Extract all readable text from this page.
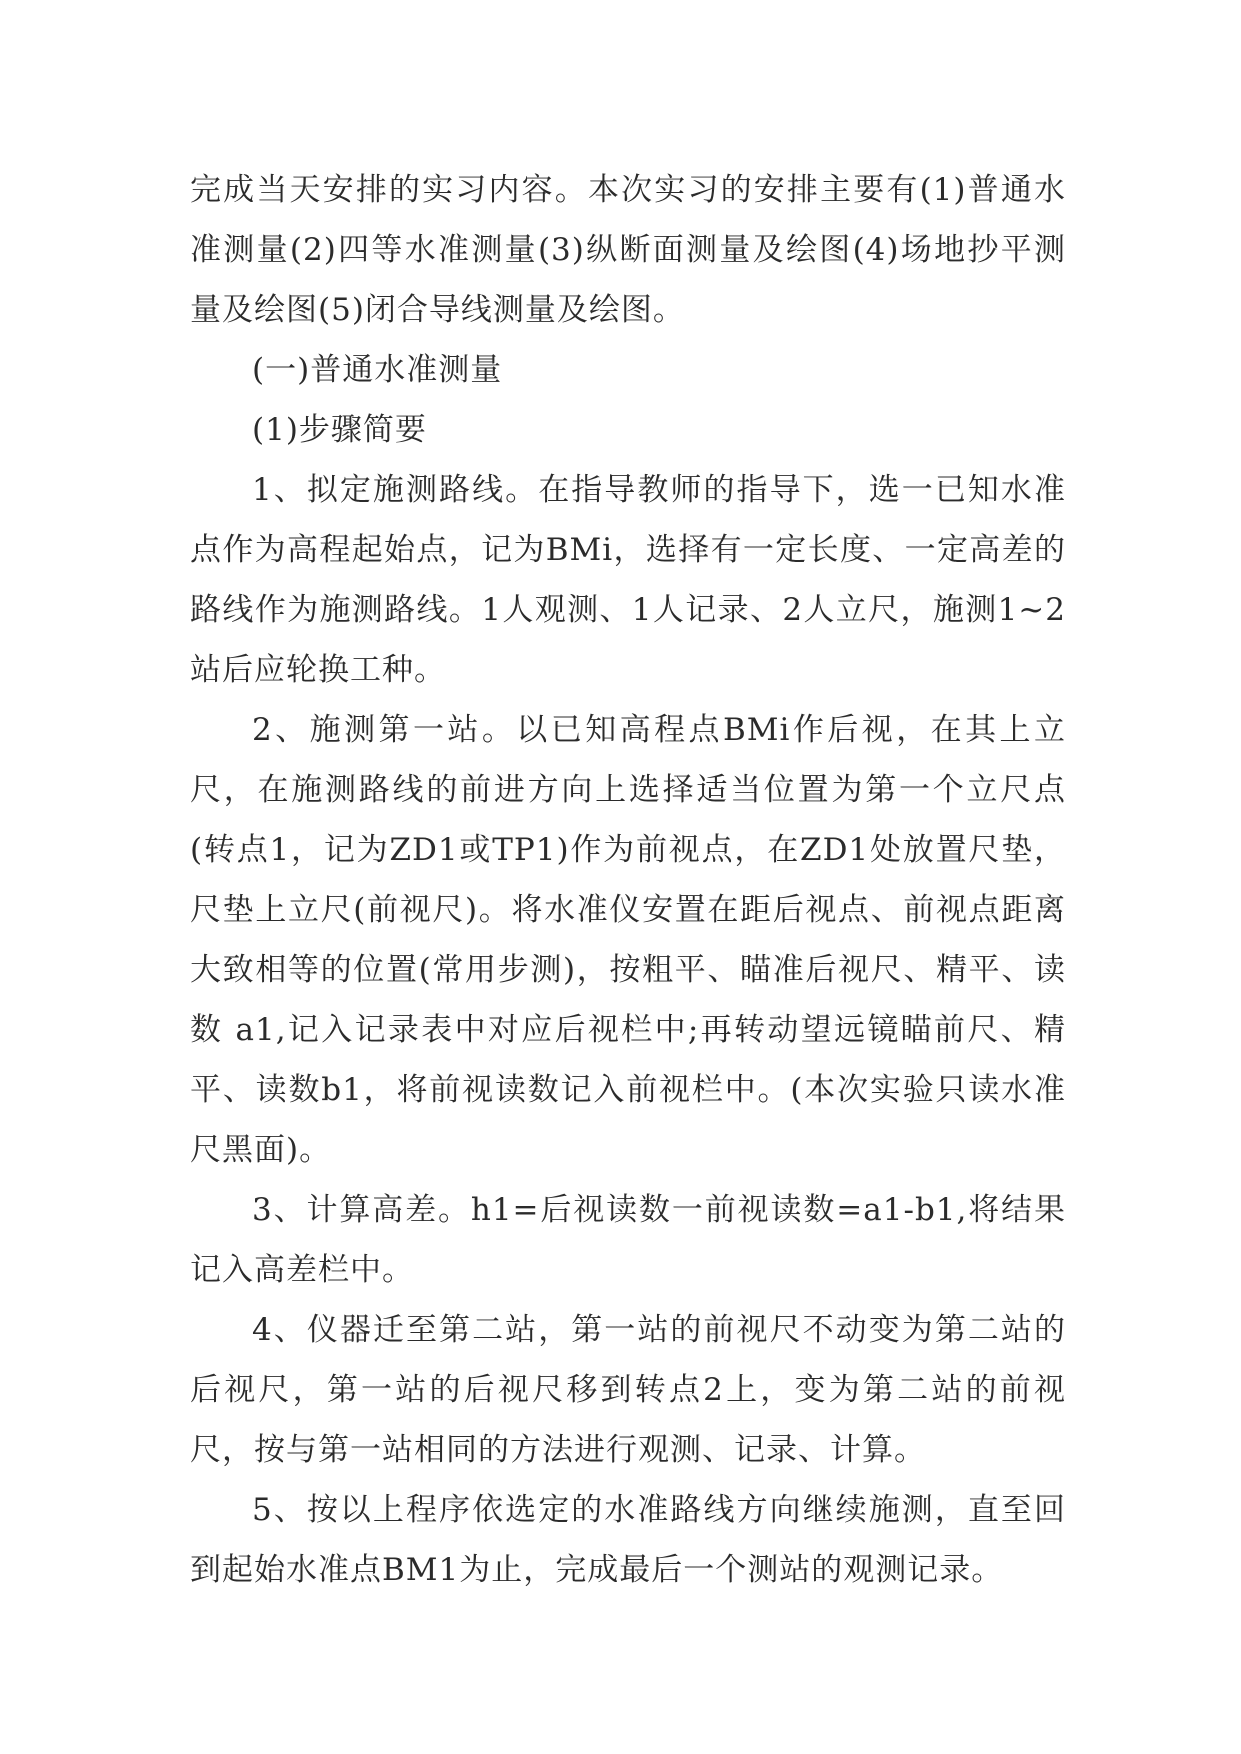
完成当天安排的实习内容。本次实习的安排主要有(1)普通水准测量(2)四等水准测量(3)纵断面测量及绘图(4)场地抄平测量及绘图(5)闭合导线测量及绘图。

(一)普通水准测量

(1)步骤简要

1、拟定施测路线。在指导教师的指导下，选一已知水准点作为高程起始点，记为BMi，选择有一定长度、一定高差的路线作为施测路线。1人观测、1人记录、2人立尺，施测1~2站后应轮换工种。

2、施测第一站。以已知高程点BMi作后视，在其上立尺，在施测路线的前进方向上选择适当位置为第一个立尺点(转点1，记为ZD1或TP1)作为前视点，在ZD1处放置尺垫，尺垫上立尺(前视尺)。将水准仪安置在距后视点、前视点距离大致相等的位置(常用步测)，按粗平、瞄准后视尺、精平、读数 a1,记入记录表中对应后视栏中;再转动望远镜瞄前尺、精平、读数b1，将前视读数记入前视栏中。(本次实验只读水准尺黑面)。

3、计算高差。h1=后视读数一前视读数=a1-b1,将结果记入高差栏中。

4、仪器迁至第二站，第一站的前视尺不动变为第二站的后视尺，第一站的后视尺移到转点2上，变为第二站的前视尺，按与第一站相同的方法进行观测、记录、计算。

5、按以上程序依选定的水准路线方向继续施测，直至回到起始水准点BM1为止，完成最后一个测站的观测记录。
